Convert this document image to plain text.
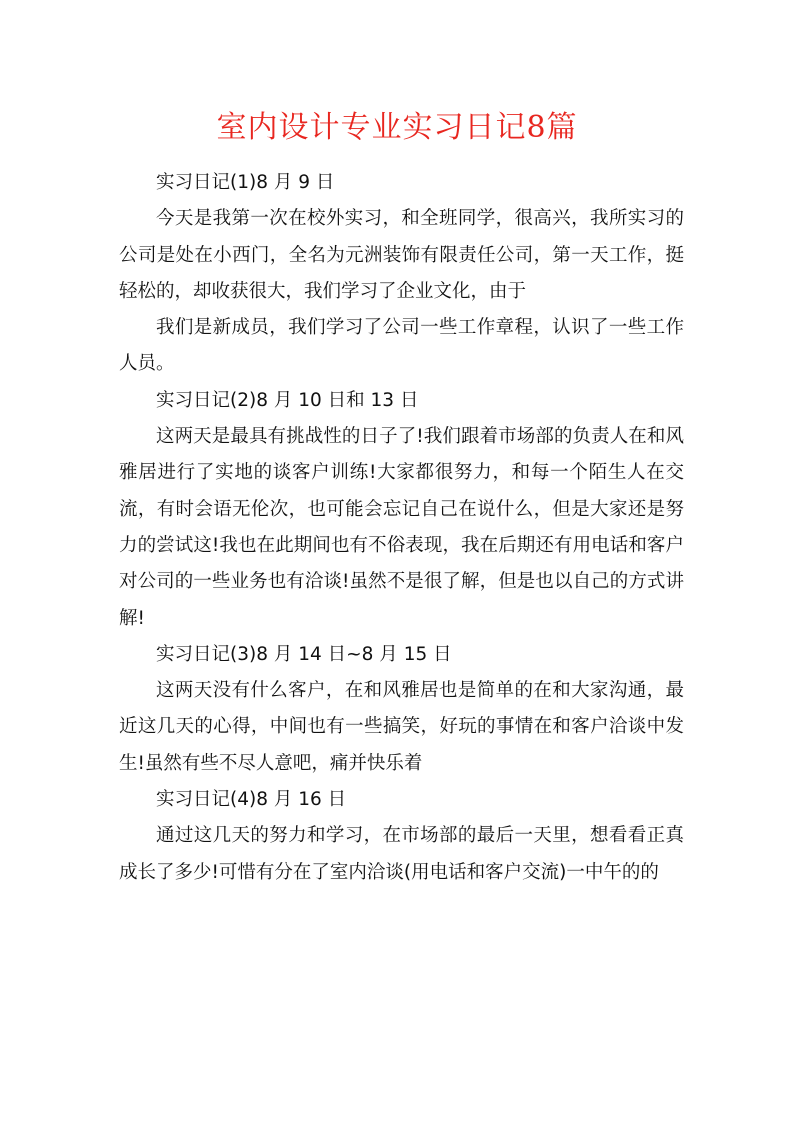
室内设计专业实习日记8篇

实习日记(1)8 月 9 日

今天是我第一次在校外实习，和全班同学，很高兴，我所实习的公司是处在小西门，全名为元洲装饰有限责任公司，第一天工作，挺轻松的，却收获很大，我们学习了企业文化，由于

我们是新成员，我们学习了公司一些工作章程，认识了一些工作人员。

实习日记(2)8 月 10 日和 13 日

这两天是最具有挑战性的日子了!我们跟着市场部的负责人在和风雅居进行了实地的谈客户训练!大家都很努力，和每一个陌生人在交流，有时会语无伦次，也可能会忘记自己在说什么，但是大家还是努力的尝试这!我也在此期间也有不俗表现，我在后期还有用电话和客户对公司的一些业务也有洽谈!虽然不是很了解，但是也以自己的方式讲解!

实习日记(3)8 月 14 日~8 月 15 日

这两天没有什么客户，在和风雅居也是简单的在和大家沟通，最近这几天的心得，中间也有一些搞笑，好玩的事情在和客户洽谈中发生!虽然有些不尽人意吧，痛并快乐着

实习日记(4)8 月 16 日

通过这几天的努力和学习，在市场部的最后一天里，想看看正真成长了多少!可惜有分在了室内洽谈(用电话和客户交流)一中午的的
